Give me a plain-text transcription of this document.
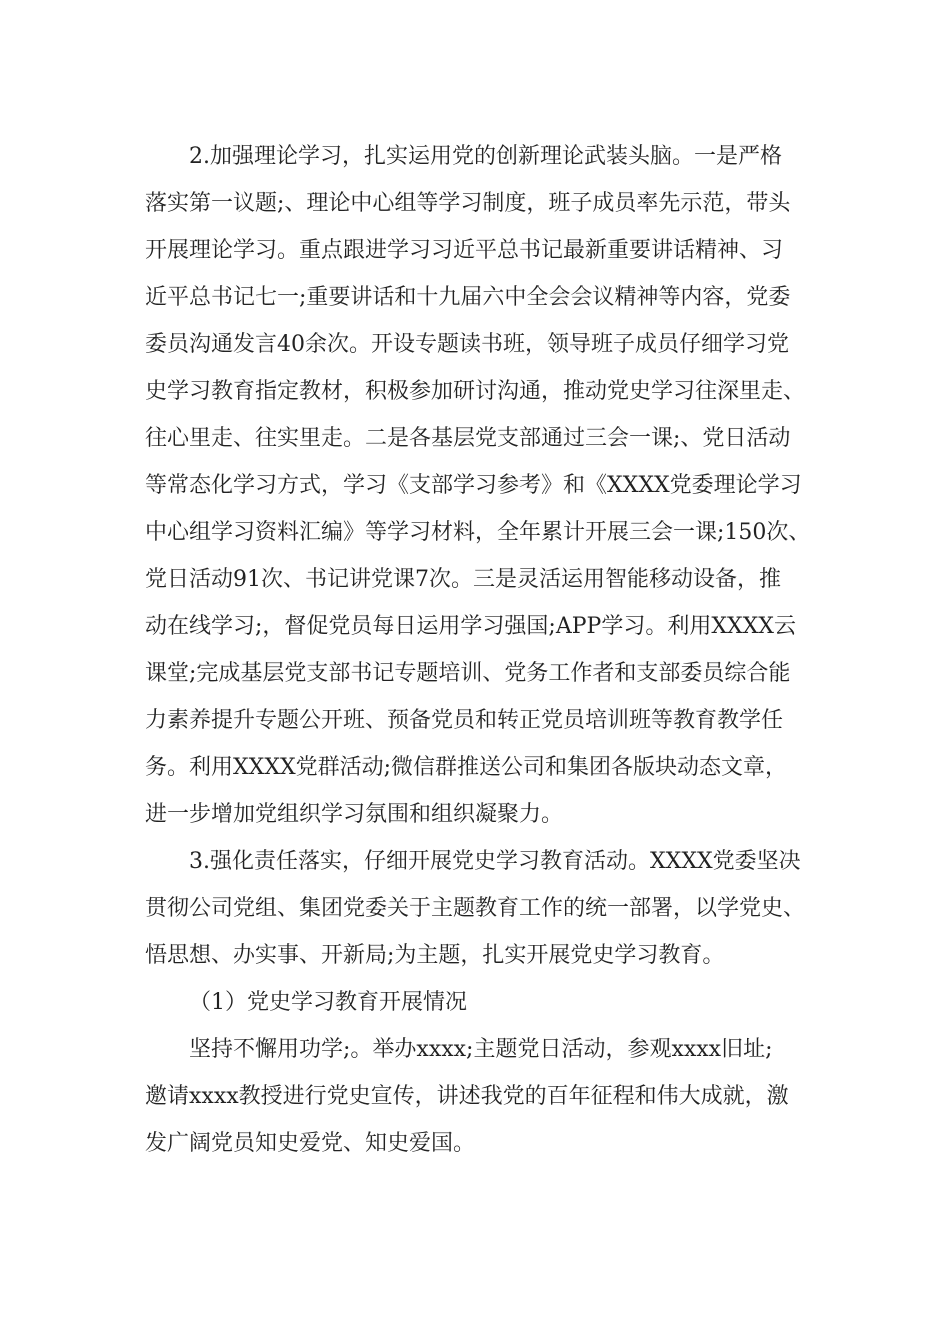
2.加强理论学习，扎实运用党的创新理论武装头脑。一是严格
落实第一议题;、理论中心组等学习制度，班子成员率先示范，带头
开展理论学习。重点跟进学习习近平总书记最新重要讲话精神、习
近平总书记七一;重要讲话和十九届六中全会会议精神等内容，党委
委员沟通发言40余次。开设专题读书班，领导班子成员仔细学习党
史学习教育指定教材，积极参加研讨沟通，推动党史学习往深里走、
往心里走、往实里走。二是各基层党支部通过三会一课;、党日活动
等常态化学习方式，学习《支部学习参考》和《XXXX党委理论学习
中心组学习资料汇编》等学习材料，全年累计开展三会一课;150次、
党日活动91次、书记讲党课7次。三是灵活运用智能移动设备，推
动在线学习;，督促党员每日运用学习强国;APP学习。利用XXXX云
课堂;完成基层党支部书记专题培训、党务工作者和支部委员综合能
力素养提升专题公开班、预备党员和转正党员培训班等教育教学任
务。利用XXXX党群活动;微信群推送公司和集团各版块动态文章，
进一步增加党组织学习氛围和组织凝聚力。
3.强化责任落实，仔细开展党史学习教育活动。XXXX党委坚决
贯彻公司党组、集团党委关于主题教育工作的统一部署，以学党史、
悟思想、办实事、开新局;为主题，扎实开展党史学习教育。
（1）党史学习教育开展情况
坚持不懈用功学;。举办xxxx;主题党日活动，参观xxxx旧址;
邀请xxxx教授进行党史宣传，讲述我党的百年征程和伟大成就，激
发广阔党员知史爱党、知史爱国。
